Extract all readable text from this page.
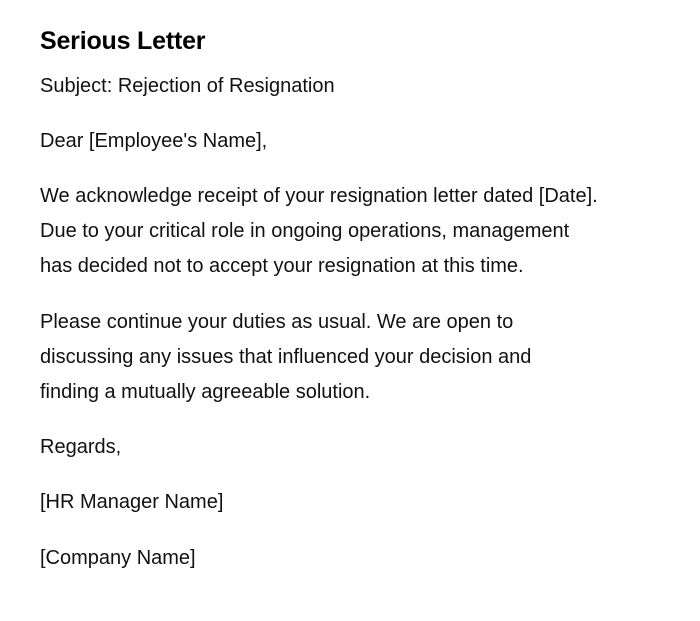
Serious Letter

Subject: Rejection of Resignation

Dear [Employee's Name],

We acknowledge receipt of your resignation letter dated [Date].
Due to your critical role in ongoing operations, management
has decided not to accept your resignation at this time.

Please continue your duties as usual. We are open to
discussing any issues that influenced your decision and
finding a mutually agreeable solution.

Regards,

[HR Manager Name]

[Company Name]
